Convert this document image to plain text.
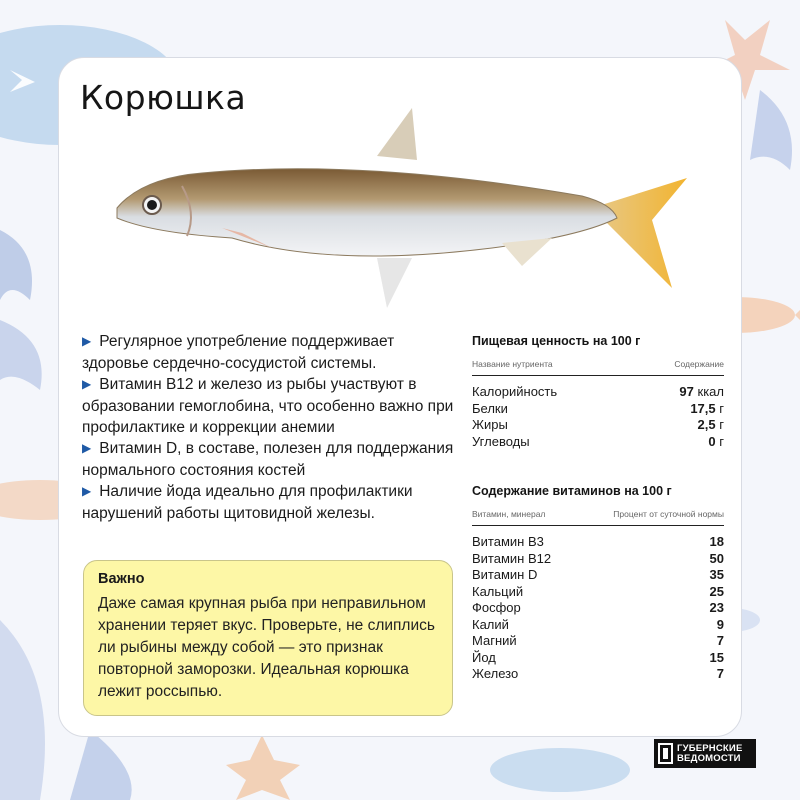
Корюшка

▶ Регулярное употребление поддерживает здоровье сердечно-сосудистой системы.

▶ Витамин B12 и железо из рыбы участвуют в образовании гемоглобина, что особенно важно при профилактике и коррекции анемии

▶ Витамин D, в составе, полезен для поддержания нормального состояния костей

▶ Наличие йода идеально для профилактики нарушений работы щитовидной железы.

Важно

Даже самая крупная рыба при неправильном хранении теряет вкус. Проверьте, не слиплись ли рыбины между собой — это признак повторной заморозки. Идеальная корюшка лежит россыпью.

Пищевая ценность на 100 г
Название нутриента	Содержание
Калорийность	97 ккал
Белки	17,5 г
Жиры	2,5 г
Углеводы	0 г
Содержание витаминов на 100 г
Витамин, минерал	Процент от суточной нормы
Витамин B3	18
Витамин B12	50
Витамин D	35
Кальций	25
Фосфор	23
Калий	9
Магний	7
Йод	15
Железо	7
ГУБЕРНСКИЕ
ВЕДОМОСТИ
